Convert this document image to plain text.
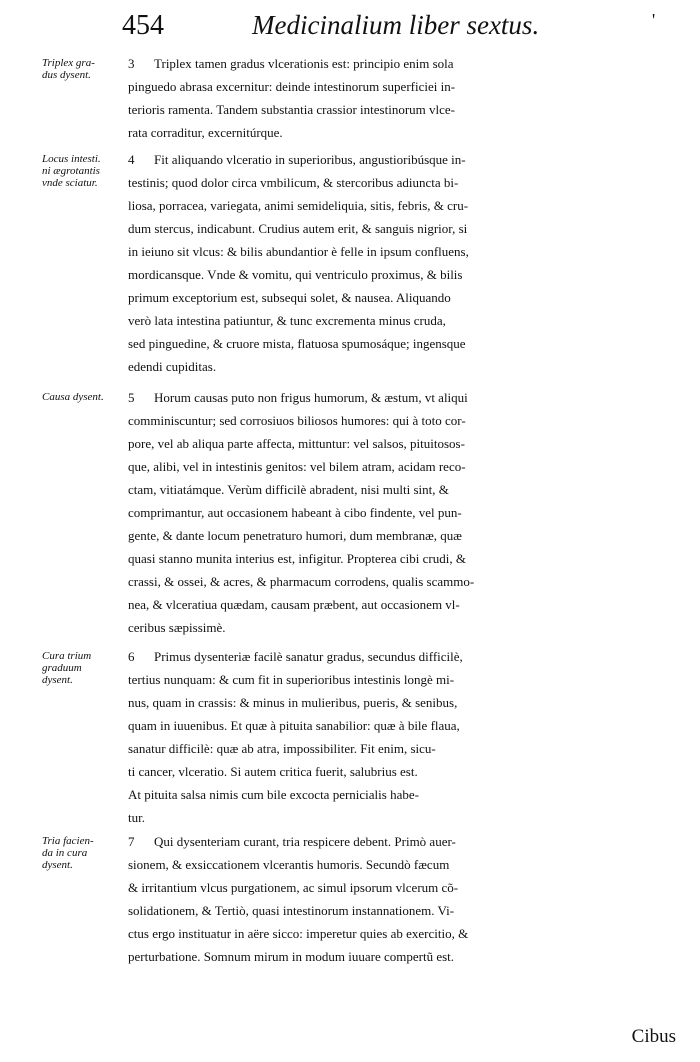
454	Medicinalium liber sextus.	'
Triplex gra-
dus dysent.
3 Triplex tamen gradus vlcerationis est: principio enim sola
pinguedo abrasa excernitur: deinde intestinorum superficiei in-
terioris ramenta. Tandem substantia crassior intestinorum vlce-
rata corraditur, excernitúrque.
Locus intesti.
ni ægrotantis
vnde sciatur.
4 Fit aliquando vlceratio in superioribus, angustioribúsque in-
testinis; quod dolor circa vmbilicum, & stercoribus adiuncta bi-
liosa, porracea, variegata, animi semideliquia, sitis, febris, & cru-
dum stercus, indicabunt. Crudius autem erit, & sanguis nigrior, si
in ieiuno sit vlcus: & bilis abundantior è felle in ipsum confluens,
mordicansque. Vnde & vomitu, qui ventriculo proximus, & bilis
primum exceptorium est, subsequi solet, & nausea. Aliquando
verò lata intestina patiuntur, & tunc excrementa minus cruda,
sed pinguedine, & cruore mista, flatuosa spumosáque; ingensque
edendi cupiditas.
Causa dysent.	5 Horum causas puto non frigus humorum, & æstum, vt aliqui
comminiscuntur; sed corrosiuos biliosos humores: qui à toto cor-
pore, vel ab aliqua parte affecta, mittuntur: vel salsos, pituitosos-
que, alibi, vel in intestinis genitos: vel bilem atram, acidam reco-
ctam, vitiatámque. Verùm difficilè abradent, nisi multi sint, &
comprimantur, aut occasionem habeant à cibo findente, vel pun-
gente, & dante locum penetraturo humori, dum membranæ, quæ
quasi stanno munita interius est, infigitur. Propterea cibi crudi, &
crassi, & ossei, & acres, & pharmacum corrodens, qualis scammo-
nea, & vlceratiua quædam, causam præbent, aut occasionem vl-
ceribus sæpissimè.
Cura trium
graduum
dysent.
6 Primus dysenteriæ facilè sanatur gradus, secundus difficilè,
tertius nunquam: & cum fit in superioribus intestinis longè mi-
nus, quam in crassis: & minus in mulieribus, pueris, & senibus,
quam in iuuenibus. Et quæ à pituita sanabilior: quæ à bile flaua,
sanatur difficilè: quæ ab atra, impossibiliter. Fit enim, sicu-
ti cancer, vlceratio. Si autem critica fuerit, salubrius est.
At pituita salsa nimis cum bile excocta pernicialis habe-
tur.
Tria facien-
da in cura
dysent.
7 Qui dysenteriam curant, tria respicere debent. Primò auer-
sionem, & exsiccationem vlcerantis humoris. Secundò fæcum
& irritantium vlcus purgationem, ac simul ipsorum vlcerum cõ-
solidationem, & Tertiò, quasi intestinorum instannationem. Vi-
ctus ergo instituatur in aëre sicco: imperetur quies ab exercitio, &
perturbatione. Somnum mirum in modum iuuare compertũ est.
Cibus
